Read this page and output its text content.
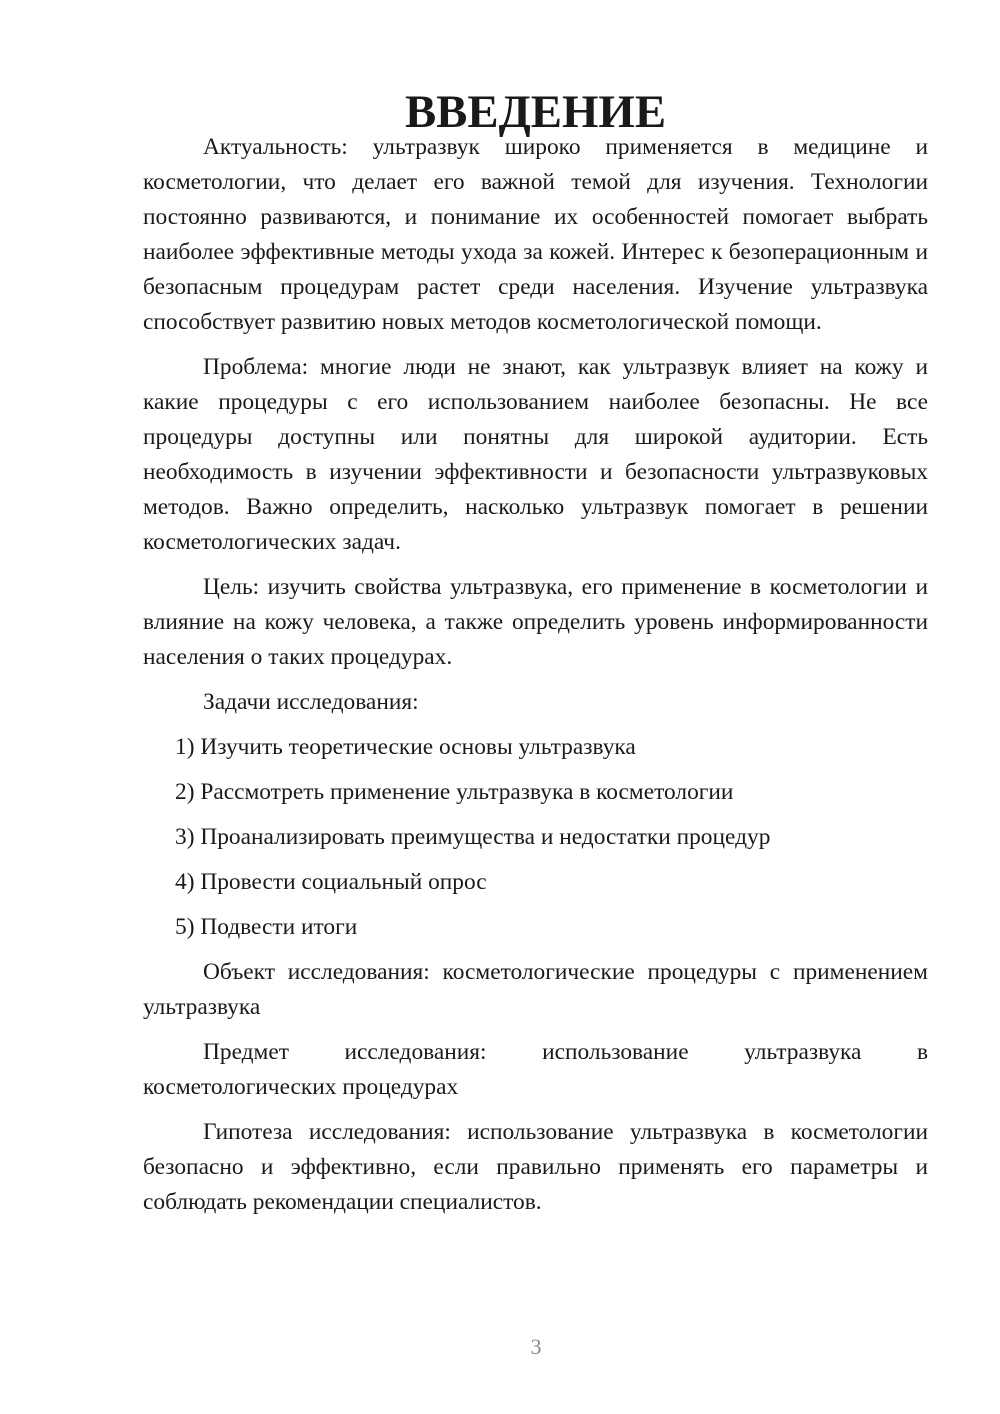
ВВЕДЕНИЕ

Актуальность: ультразвук широко применяется в медицине и косметологии, что делает его важной темой для изучения. Технологии постоянно развиваются, и понимание их особенностей помогает выбрать наиболее эффективные методы ухода за кожей. Интерес к безоперационным и безопасным процедурам растет среди населения. Изучение ультразвука способствует развитию новых методов косметологической помощи.

Проблема: многие люди не знают, как ультразвук влияет на кожу и какие процедуры с его использованием наиболее безопасны. Не все процедуры доступны или понятны для широкой аудитории. Есть необходимость в изучении эффективности и безопасности ультразвуковых методов. Важно определить, насколько ультразвук помогает в решении косметологических задач.

Цель: изучить свойства ультразвука, его применение в косметологии и влияние на кожу человека, а также определить уровень информированности населения о таких процедурах.

Задачи исследования:

1) Изучить теоретические основы ультразвука
2) Рассмотреть применение ультразвука в косметологии
3) Проанализировать преимущества и недостатки процедур
4) Провести социальный опрос
5) Подвести итоги

Объект исследования: косметологические процедуры с применением ультразвука

Предмет исследования: использование ультразвука в косметологических процедурах

Гипотеза исследования: использование ультразвука в косметологии безопасно и эффективно, если правильно применять его параметры и соблюдать рекомендации специалистов.

3
